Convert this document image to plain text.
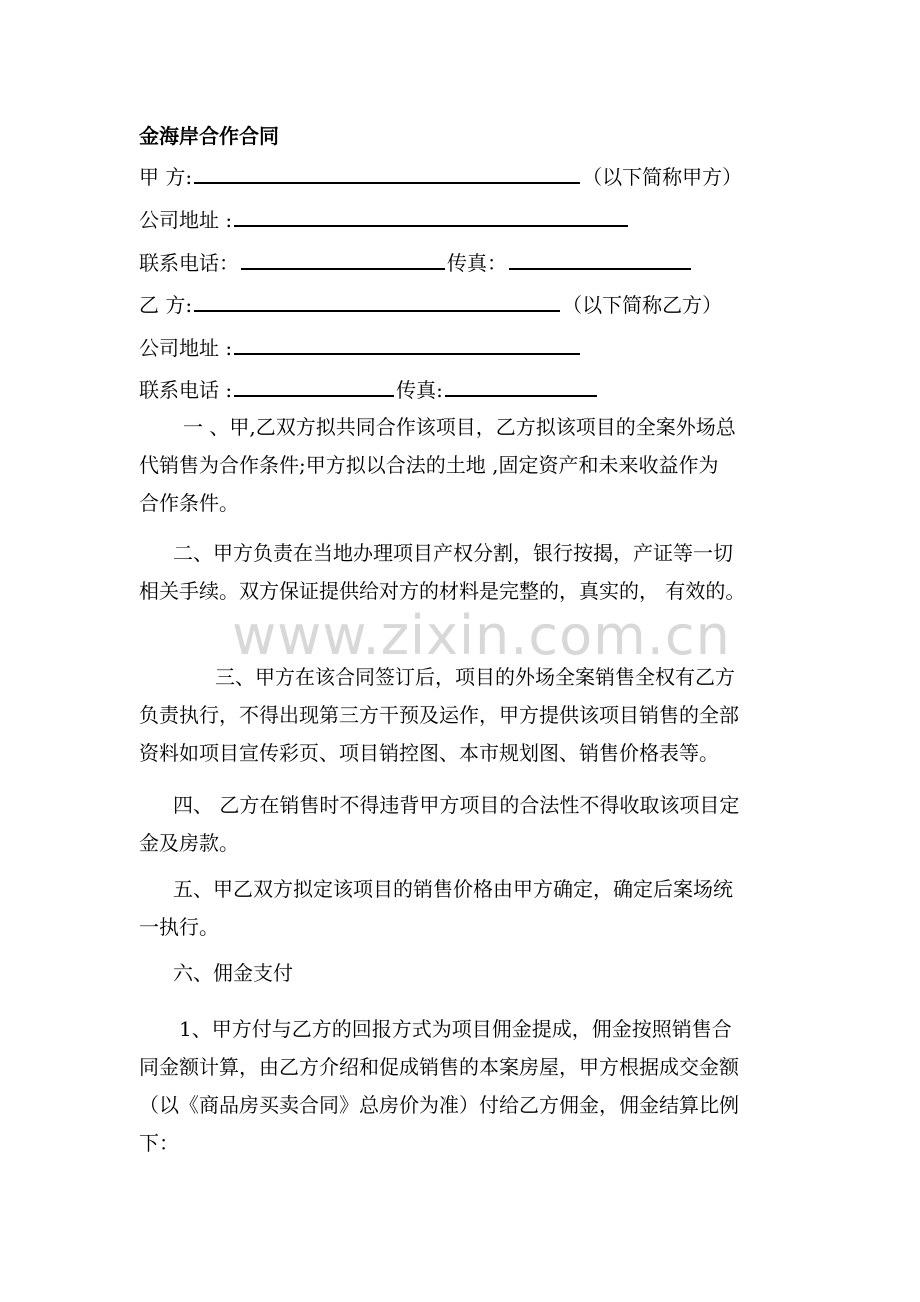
金海岸合作合同
甲 方:	（以下简称甲方）
公司地址 :
联系电话：	传真：
乙 方:	（以下简称乙方）
公司地址 :
联系电话 :	传真:
一 、甲,乙双方拟共同合作该项目，乙方拟该项目的全案外场总
代销售为合作条件;甲方拟以合法的土地 ,固定资产和未来收益作为
合作条件。
二、甲方负责在当地办理项目产权分割，银行按揭，产证等一切
相关手续。双方保证提供给对方的材料是完整的，真实的， 有效的。
www.zixin.com.cn
三、甲方在该合同签订后，项目的外场全案销售全权有乙方
负责执行，不得出现第三方干预及运作，甲方提供该项目销售的全部
资料如项目宣传彩页、项目销控图、本市规划图、销售价格表等。
四、 乙方在销售时不得违背甲方项目的合法性不得收取该项目定
金及房款。
五、甲乙双方拟定该项目的销售价格由甲方确定，确定后案场统
一执行。
六、佣金支付
1、甲方付与乙方的回报方式为项目佣金提成，佣金按照销售合
同金额计算，由乙方介绍和促成销售的本案房屋，甲方根据成交金额
（以《商品房买卖合同》总房价为准）付给乙方佣金，佣金结算比例
下：
